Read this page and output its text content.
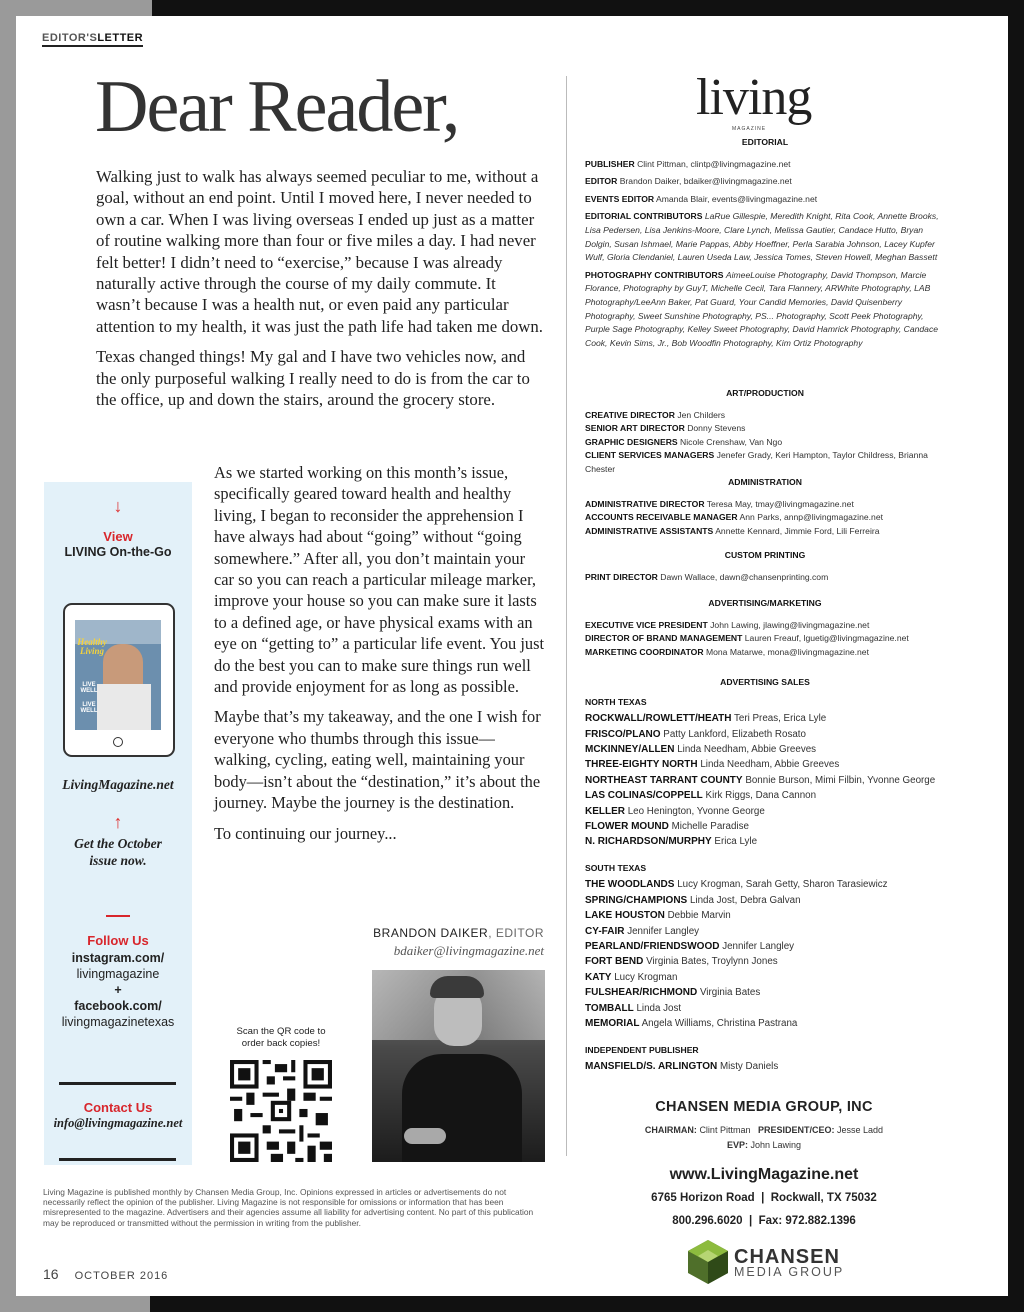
EDITOR'SLETTER
Dear Reader,

Walking just to walk has always seemed peculiar to me, without a goal, without an end point. Until I moved here, I never needed to own a car. When I was living overseas I ended up just as a matter of routine walking more than four or five miles a day. I had never felt better! I didn’t need to “exercise,” because I was already naturally active through the course of my daily commute. It wasn’t because I was a health nut, or even paid any particular attention to my health, it was just the path life had taken me down.

Texas changed things! My gal and I have two vehicles now, and the only purposeful walking I really need to do is from the car to the office, up and down the stairs, around the grocery store.

As we started working on this month’s issue, specifically geared toward health and healthy living, I began to reconsider the apprehension I have always had about “going” without “going somewhere.” After all, you don’t maintain your car so you can reach a particular mileage marker, improve your house so you can make sure it lasts to a defined age, or have physical exams with an eye on “getting to” a particular life event. You just do the best you can to make sure things run well and provide enjoyment for as long as possible.

Maybe that’s my takeaway, and the one I wish for everyone who thumbs through this issue—walking, cycling, eating well, maintaining your body—isn’t about the “destination,” it’s about the journey. Maybe the journey is the destination.

To continuing our journey...

↓
View
LIVING On-the-Go
Healthy Living
LIVE WELL
LIVE WELL
LivingMagazine.net
↑
Get the October issue now.
Follow Us
instagram.com/
livingmagazine
+
facebook.com/
livingmagazinetexas
Contact Us
info@livingmagazine.net
Scan the QR code to order back copies!
BRANDON DAIKER, EDITOR
bdaiker@livingmagazine.net
living
MAGAZINE
EDITORIAL
PUBLISHER Clint Pittman, clintp@livingmagazine.net
EDITOR Brandon Daiker, bdaiker@livingmagazine.net
EVENTS EDITOR Amanda Blair, events@livingmagazine.net
EDITORIAL CONTRIBUTORS LaRue Gillespie, Meredith Knight, Rita Cook, Annette Brooks, Lisa Pedersen, Lisa Jenkins-Moore, Clare Lynch, Melissa Gautier, Candace Hutto, Bryan Dolgin, Susan Ishmael, Marie Pappas, Abby Hoeffner, Perla Sarabia Johnson, Lacey Kupfer Wulf, Gloria Clendaniel, Lauren Useda Law, Jessica Tomes, Steven Howell, Meghan Bassett
PHOTOGRAPHY CONTRIBUTORS AimeeLouise Photography, David Thompson, Marcie Florance, Photography by GuyT, Michelle Cecil, Tara Flannery, ARWhite Photography, LAB Photography/LeeAnn Baker, Pat Guard, Your Candid Memories, David Quisenberry Photography, Sweet Sunshine Photography, PS... Photography, Scott Peek Photography, Purple Sage Photography, Kelley Sweet Photography, David Hamrick Photography, Candace Cook, Kevin Sims, Jr., Bob Woodfin Photography, Kim Ortiz Photography
ART/PRODUCTION
CREATIVE DIRECTOR Jen Childers
SENIOR ART DIRECTOR Donny Stevens
GRAPHIC DESIGNERS Nicole Crenshaw, Van Ngo
CLIENT SERVICES MANAGERS Jenefer Grady, Keri Hampton, Taylor Childress, Brianna Chester
ADMINISTRATION
ADMINISTRATIVE DIRECTOR Teresa May, tmay@livingmagazine.net
ACCOUNTS RECEIVABLE MANAGER Ann Parks, annp@livingmagazine.net
ADMINISTRATIVE ASSISTANTS Annette Kennard, Jimmie Ford, Lili Ferreira
CUSTOM PRINTING
PRINT DIRECTOR Dawn Wallace, dawn@chansenprinting.com
ADVERTISING/MARKETING
EXECUTIVE VICE PRESIDENT John Lawing, jlawing@livingmagazine.net
DIRECTOR OF BRAND MANAGEMENT Lauren Freauf, lguetig@livingmagazine.net
MARKETING COORDINATOR Mona Matarwe, mona@livingmagazine.net
ADVERTISING SALES
NORTH TEXAS
ROCKWALL/ROWLETT/HEATH Teri Preas, Erica Lyle
FRISCO/PLANO Patty Lankford, Elizabeth Rosato
MCKINNEY/ALLEN Linda Needham, Abbie Greeves
THREE-EIGHTY NORTH Linda Needham, Abbie Greeves
NORTHEAST TARRANT COUNTY Bonnie Burson, Mimi Filbin, Yvonne George
LAS COLINAS/COPPELL Kirk Riggs, Dana Cannon
KELLER Leo Henington, Yvonne George
FLOWER MOUND Michelle Paradise
N. RICHARDSON/MURPHY Erica Lyle
SOUTH TEXAS
THE WOODLANDS Lucy Krogman, Sarah Getty, Sharon Tarasiewicz
SPRING/CHAMPIONS Linda Jost, Debra Galvan
LAKE HOUSTON Debbie Marvin
CY-FAIR Jennifer Langley
PEARLAND/FRIENDSWOOD Jennifer Langley
FORT BEND Virginia Bates, Troylynn Jones
KATY Lucy Krogman
FULSHEAR/RICHMOND Virginia Bates
TOMBALL Linda Jost
MEMORIAL Angela Williams, Christina Pastrana
INDEPENDENT PUBLISHER
MANSFIELD/S. ARLINGTON Misty Daniels
CHANSEN MEDIA GROUP, INC
CHAIRMAN: Clint Pittman PRESIDENT/CEO: Jesse Ladd
EVP: John Lawing
www.LivingMagazine.net
6765 Horizon Road  |  Rockwall, TX 75032
800.296.6020  |  Fax: 972.882.1396
CHANSEN
MEDIA GROUP
Living Magazine is published monthly by Chansen Media Group, Inc. Opinions expressed in articles or advertisements do not necessarily reflect the opinion of the publisher. Living Magazine is not responsible for omissions or information that has been misrepresented to the magazine. Advertisers and their agencies assume all liability for advertising content. No part of this publication may be reproduced or transmitted without the permission in writing from the publisher.
16 OCTOBER 2016
